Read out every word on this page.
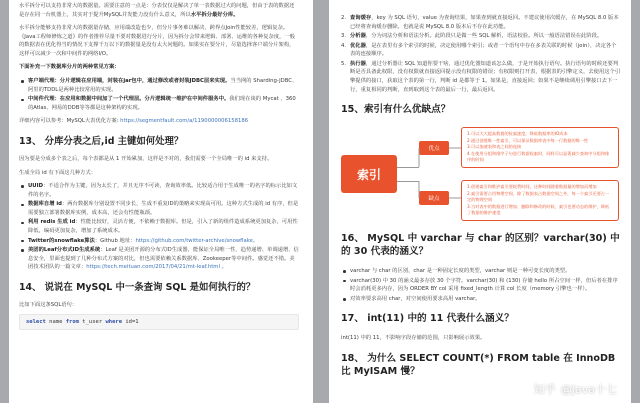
水平拆分可以支持非常大的数据量。需要注意的一点是：分表仅仅是解决了单一表数据过大的问题，但由于表的数据还是存在同一台机器上，其实对于提升MySQL并发能力没有什么意义，所以水平拆分最好分库。

水平拆分能够支持非常大的数据量存储，应用端改造也少，但分片事务难以解决，跨界点Join性能较差，逻辑复杂。《Java工程师修炼之道》的作者推荐尽量不要对数据进行分片，因为拆分会带来逻辑、部署、运维的各种复杂度，一般的数据表在优化得当的情况下支撑千万以下的数据量是没有太大问题的。如果实在要分片，尽量选择客户端分片架构，这样可以减少一次和中间件的网络I/O。

下面补充一下数据库分片的两种常见方案：

客户端代理：分片逻辑在应用端，封装在jar包中，通过修改或者封装JDBC层来实现。当当网的 Sharding-JDBC、阿里的TDDL是两种比较常用的实现。
中间件代理：在应用和数据中间加了一个代理层。分片逻辑统一维护在中间件服务中。我们现在谈的 Mycat 、360的Atlas、网易的DDB等等都是这种架构的实现。

详细内容可以参考：MySQL大表优化方案: https://segmentfault.com/a/1190000006158186

13、 分库分表之后,id 主键如何处理？

因为要是分成多个表之后，每个表都是从 1 开始累加，这样是不对的，我们需要一个全局唯一的 id 来支持。

生成全局 id 有下面这几种方式：

UUID：不适合作为主键，因为太长了，并且无序不可读，查询效率低。比较适合用于生成唯一的名字的标示比如文件的名字。
数据库自增 id：两台数据库分别设置不同步长，生成不重复ID的策略来实现高可用。这种方式生成的 id 有序，但是需要独立部署数据库实例，成本高，还会有性能瓶颈。
利用 redis 生成 id：性能比较好，灵活方便，不依赖于数据库。但是，引入了新的组件造成系统更加复杂，可用性降低，编码更加复杂，增加了系统成本。
Twitter的snowflake算法：Github 地址：https://github.com/twitter-archive/snowflake。
美团的Leaf分布式ID生成系统：Leaf 是美团开源的分布式ID生成器，能保证全局唯一性、趋势递增、单调递增、信息安全，里面也提到了几种分布式方案的对比，但也需要依赖关系数据库、Zookeeper等中间件。感觉还不错。美团技术团队的一篇文章：https://tech.meituan.com/2017/04/21/mt-leaf.html 。
14、 说说在 MySQL 中一条查询 SQL 是如何执行的？

比如下面这条SQL语句：

select name from t_user where id=1
2. 查询缓存，key 为 SQL 语句，value 为查询结果，如果查到就直接返回。不建议使用次缓存，在 MySQL 8.0 版本已经将查询缓存删除，也就是说 MySQL 8.0 版本后不存在此功能。
3. 分析器，分为词法分析和语法分析。此阶段只是做一些 SQL 解析，语法校验。所以一般语法错误在此阶段。
4. 优化器，是在表里有多个索引的时候，决定使用哪个索引；或者一个语句中存在多表关联的时候（join），决定各个表的连接顺序。
5. 执行器，通过分析器让 SQL 知道你要干啥，通过优化器知道该怎么做，于是开始执行语句。执行语句的时候还要判断是否具备此权限，没有权限就直接返回提示没有权限的错误；有权限则打开表，根据表的引擎定义，去使用这个引擎提供的接口，获取这个表的第一行，判断 id 是都等于 1。如果是，直接返回；如果不是继续调用引擎接口去下一行，重复相同的判断，直到取到这个表的最后一行，最后返回。
15、索引有什么优缺点？
索引
优点
缺点
1.可以大大提高数据的检索速度，降低数据库的IO成本
2.通过创建唯一性索引，可以保证数据库表中每一行数据的唯一性
3.可以加速表和表之间的连接
4.在使用分组和排序子句进行数据检索时，同样可以显著减少查询中分组和排序的时间
1.创建索引和维护索引要耗费时间，这种时间随着数据量的增加而增加
2.索引需要占用物理空间，除了数据表占数据空间之外，每一个索引还要占一定的物理空间
3.当对表中的数据进行增加、删除和修改的时候，索引也要动态的维护，降低了数据的维护速度
16、 MySQL 中 varchar 与 char 的区别？varchar(30) 中的 30 代表的涵义？
varchar 与 char 的区别，char 是一种固定长度的类型，varchar 则是一种可变长度的类型。
varchar(30) 中 30 的涵义最多存放 30 个字符。varchar(30) 和 (130) 存储 hello 所占空间一样，但后者在排序时会消耗更多内存，因为 ORDER BY col 采用 fixed_length 计算 col 长度（memory 引擎也一样）。
对效率要求高用 char，对空间使用要求高用 varchar。
17、 int(11) 中的 11 代表什么涵义？

int(11) 中的 11，不影响字段存储的范围，只影响展示效果。

18、 为什么 SELECT COUNT(*) FROM table 在 InnoDB 比 MyISAM 慢？
知乎 @Java十七
